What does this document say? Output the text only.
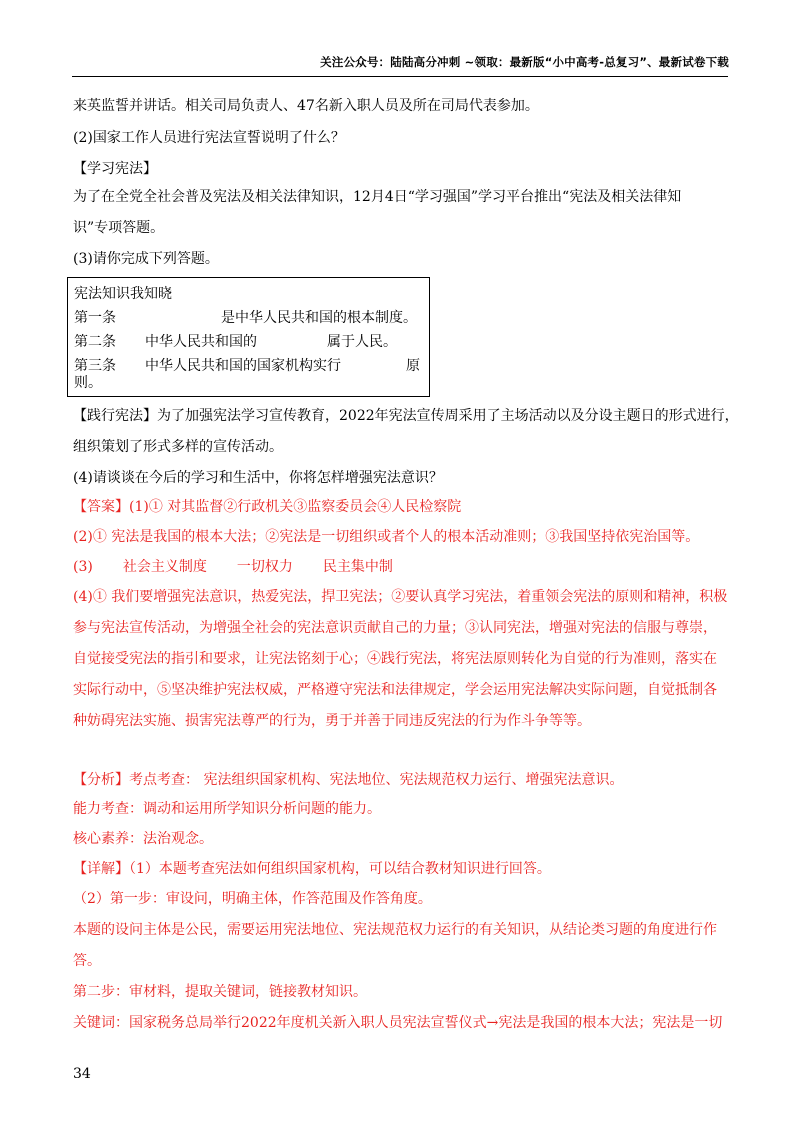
关注公众号：陆陆高分冲刺 ~领取：最新版“小中高考-总复习”、最新试卷下载
来英监誓并讲话。相关司局负责人、47名新入职人员及所在司局代表参加。
(2)国家工作人员进行宪法宣誓说明了什么？
【学习宪法】
为了在全党全社会普及宪法及相关法律知识，12月4日“学习强国”学习平台推出“宪法及相关法律知
识”专项答题。
(3)请你完成下列答题。
宪法知识我知晓
第一条	是中华人民共和国的根本制度。
第二条 中华人民共和国的	属于人民。
第三条 中华人民共和国的国家机构实行	原
则。
【践行宪法】为了加强宪法学习宣传教育，2022年宪法宣传周采用了主场活动以及分设主题日的形式进行，
组织策划了形式多样的宣传活动。
(4)请谈谈在今后的学习和生活中，你将怎样增强宪法意识？
【答案】(1)① 对其监督②行政机关③监察委员会④人民检察院
(2)① 宪法是我国的根本大法；②宪法是一切组织或者个人的根本活动准则；③我国坚持依宪治国等。
(3) 社会主义制度 一切权力 民主集中制
(4)① 我们要增强宪法意识，热爱宪法，捍卫宪法；②要认真学习宪法，着重领会宪法的原则和精神，积极
参与宪法宣传活动，为增强全社会的宪法意识贡献自己的力量；③认同宪法，增强对宪法的信服与尊崇，
自觉接受宪法的指引和要求，让宪法铭刻于心；④践行宪法，将宪法原则转化为自觉的行为准则，落实在
实际行动中，⑤坚决维护宪法权威，严格遵守宪法和法律规定，学会运用宪法解决实际问题，自觉抵制各
种妨碍宪法实施、损害宪法尊严的行为，勇于并善于同违反宪法的行为作斗争等等。
【分析】考点考查： 宪法组织国家机构、宪法地位、宪法规范权力运行、增强宪法意识。
能力考查：调动和运用所学知识分析问题的能力。
核心素养：法治观念。
【详解】（1）本题考查宪法如何组织国家机构，可以结合教材知识进行回答。
（2）第一步：审设问，明确主体，作答范围及作答角度。
本题的设问主体是公民，需要运用宪法地位、宪法规范权力运行的有关知识，从结论类习题的角度进行作
答。
第二步：审材料，提取关键词，链接教材知识。
关键词：国家税务总局举行2022年度机关新入职人员宪法宣誓仪式→宪法是我国的根本大法；宪法是一切
34
